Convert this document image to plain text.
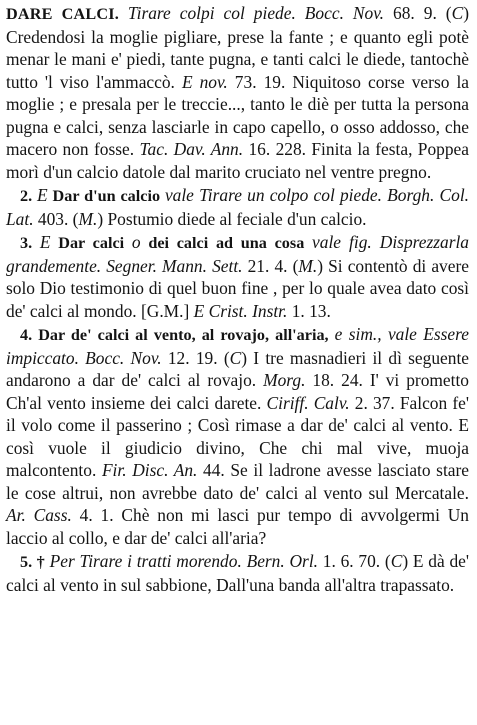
DARE CALCI. Tirare colpi col piede. Bocc. Nov. 68. 9. (C) Credendosi la moglie pigliare, prese la fante ; e quanto egli potè menar le mani e' piedi, tante pugna, e tanti calci le diede, tantochè tutto 'l viso l'ammaccò. E nov. 73. 19. Niquitoso corse verso la moglie ; e presala per le treccie..., tanto le diè per tutta la persona pugna e calci, senza lasciarle in capo capello, o osso addosso, che macero non fosse. Tac. Dav. Ann. 16. 228. Finita la festa, Poppea morì d'un calcio datole dal marito cruciato nel ventre pregno.

2. E Dar d'un calcio vale Tirare un colpo col piede. Borgh. Col. Lat. 403. (M.) Postumio diede al feciale d'un calcio.

3. E Dar calci o dei calci ad una cosa vale fig. Disprezzarla grandemente. Segner. Mann. Sett. 21. 4. (M.) Si contentò di avere solo Dio testimonio di quel buon fine , per lo quale avea dato così de' calci al mondo. [G.M.] E Crist. Instr. 1. 13.

4. Dar de' calci al vento, al rovajo, all'aria, e sim., vale Essere impiccato. Bocc. Nov. 12. 19. (C) I tre masnadieri il dì seguente andarono a dar de' calci al rovajo. Morg. 18. 24. I' vi prometto Ch'al vento insieme dei calci darete. Ciriff. Calv. 2. 37. Falcon fe' il volo come il passerino ; Così rimase a dar de' calci al vento. E così vuole il giudicio divino, Che chi mal vive, muoja malcontento. Fir. Disc. An. 44. Se il ladrone avesse lasciato stare le cose altrui, non avrebbe dato de' calci al vento sul Mercatale. Ar. Cass. 4. 1. Chè non mi lasci pur tempo di avvolgermi Un laccio al collo, e dar de' calci all'aria?

5. † Per Tirare i tratti morendo. Bern. Orl. 1. 6. 70. (C) E dà de' calci al vento in sul sabbione, Dall'una banda all'altra trapassato.
